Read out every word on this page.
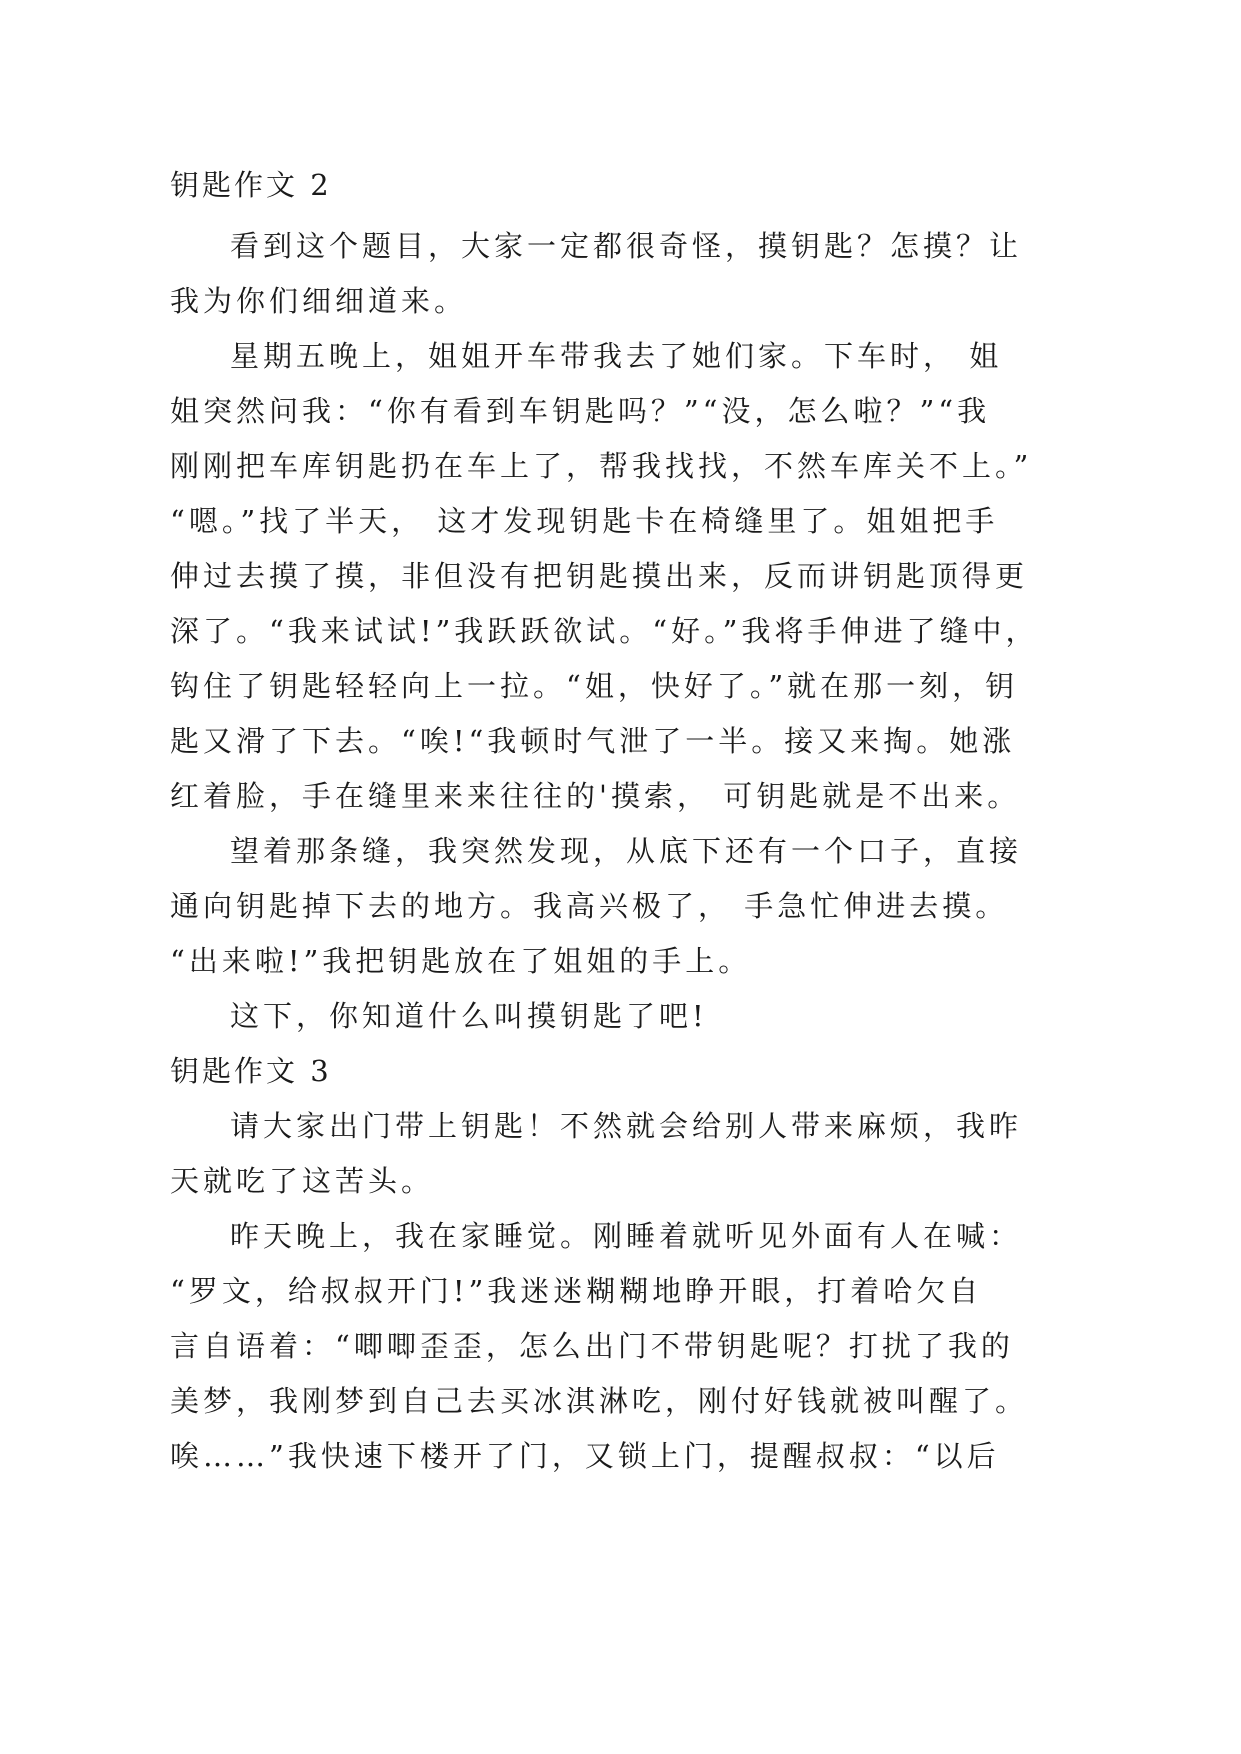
钥匙作文 2
看到这个题目，大家一定都很奇怪，摸钥匙？怎摸？让
我为你们细细道来。
星期五晚上，姐姐开车带我去了她们家。下车时， 姐
姐突然问我：“你有看到车钥匙吗？”“没，怎么啦？”“我
刚刚把车库钥匙扔在车上了，帮我找找，不然车库关不上。”
“嗯。”找了半天， 这才发现钥匙卡在椅缝里了。姐姐把手
伸过去摸了摸，非但没有把钥匙摸出来，反而讲钥匙顶得更
深了。“我来试试!”我跃跃欲试。“好。”我将手伸进了缝中，
钩住了钥匙轻轻向上一拉。“姐，快好了。”就在那一刻，钥
匙又滑了下去。“唉!“我顿时气泄了一半。接又来掏。她涨
红着脸，手在缝里来来往往的'摸索， 可钥匙就是不出来。
望着那条缝，我突然发现，从底下还有一个口子，直接
通向钥匙掉下去的地方。我高兴极了， 手急忙伸进去摸。
“出来啦!”我把钥匙放在了姐姐的手上。
这下，你知道什么叫摸钥匙了吧!
钥匙作文 3
请大家出门带上钥匙！不然就会给别人带来麻烦，我昨
天就吃了这苦头。
昨天晚上，我在家睡觉。刚睡着就听见外面有人在喊：
“罗文，给叔叔开门!”我迷迷糊糊地睁开眼，打着哈欠自
言自语着：“唧唧歪歪，怎么出门不带钥匙呢？打扰了我的
美梦，我刚梦到自己去买冰淇淋吃，刚付好钱就被叫醒了。
唉……”我快速下楼开了门，又锁上门，提醒叔叔：“以后
